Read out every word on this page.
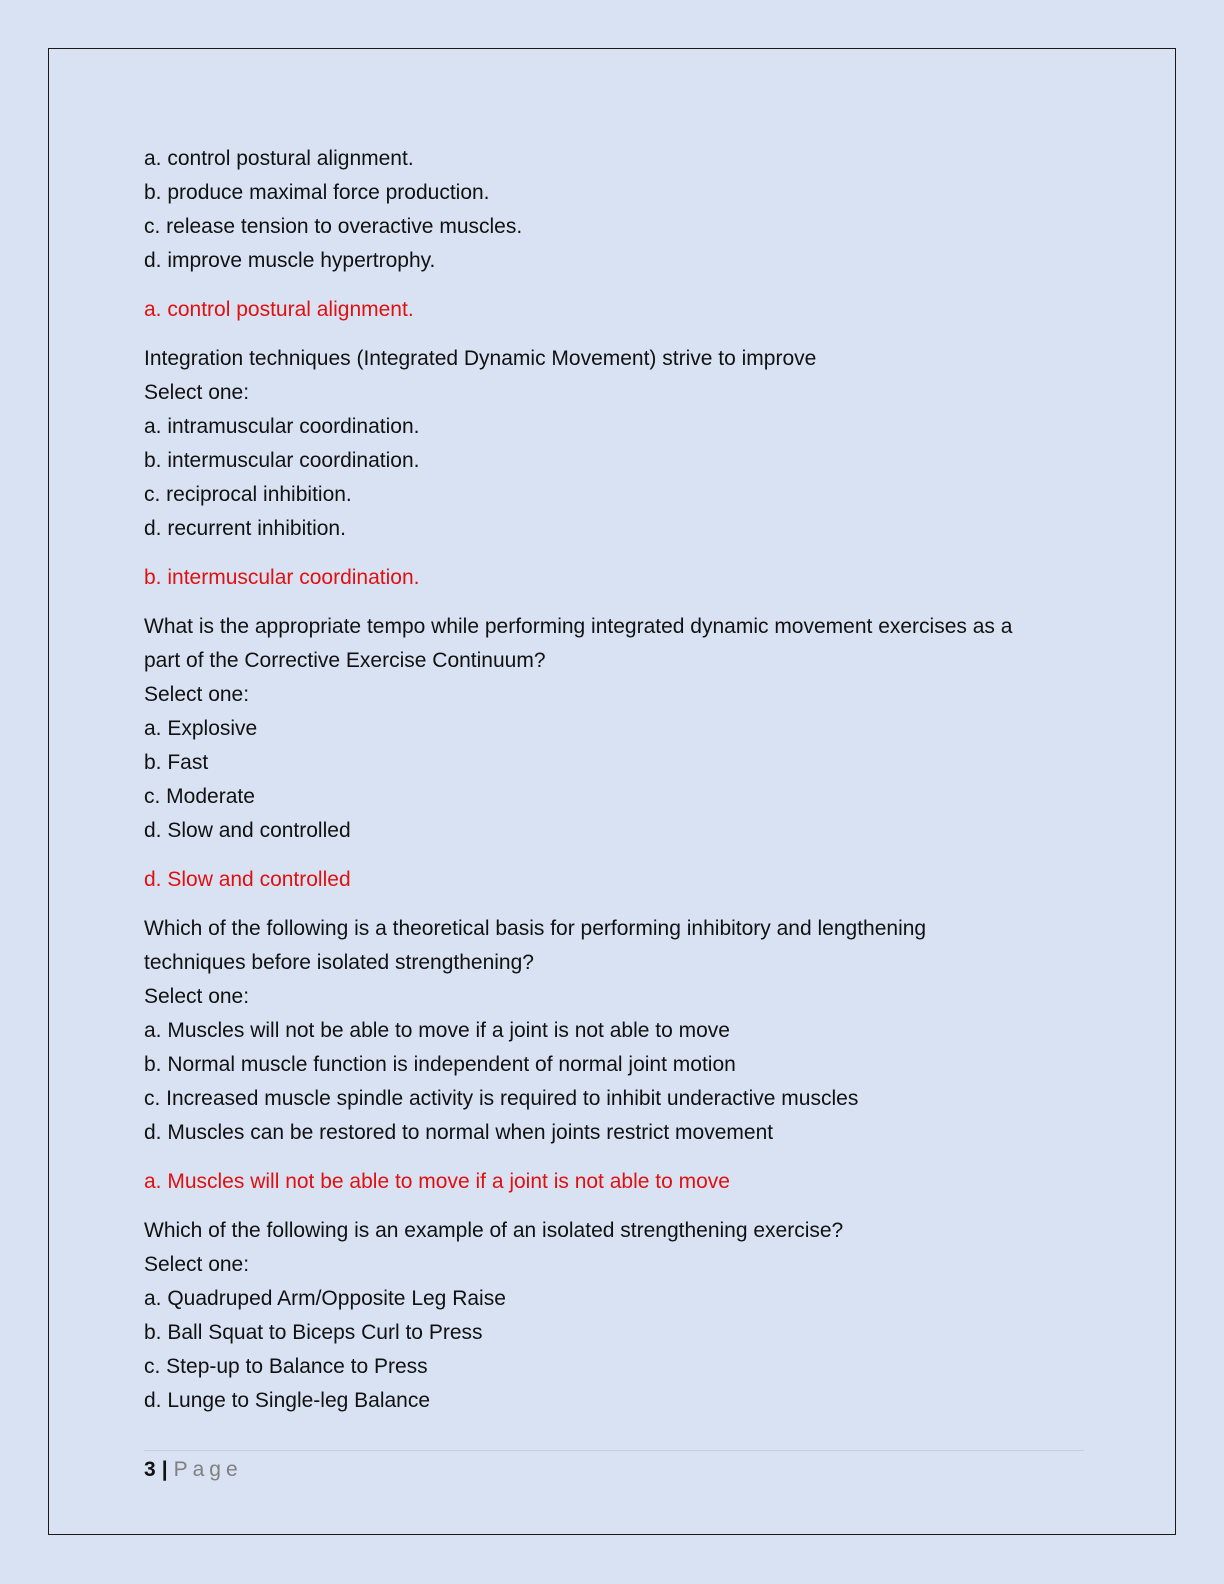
a. control postural alignment.
b. produce maximal force production.
c. release tension to overactive muscles.
d. improve muscle hypertrophy.
a. control postural alignment.
Integration techniques (Integrated Dynamic Movement) strive to improve
Select one:
a. intramuscular coordination.
b. intermuscular coordination.
c. reciprocal inhibition.
d. recurrent inhibition.
b. intermuscular coordination.
What is the appropriate tempo while performing integrated dynamic movement exercises as a
part of the Corrective Exercise Continuum?
Select one:
a. Explosive
b. Fast
c. Moderate
d. Slow and controlled
d. Slow and controlled
Which of the following is a theoretical basis for performing inhibitory and lengthening
techniques before isolated strengthening?
Select one:
a. Muscles will not be able to move if a joint is not able to move
b. Normal muscle function is independent of normal joint motion
c. Increased muscle spindle activity is required to inhibit underactive muscles
d. Muscles can be restored to normal when joints restrict movement
a. Muscles will not be able to move if a joint is not able to move
Which of the following is an example of an isolated strengthening exercise?
Select one:
a. Quadruped Arm/Opposite Leg Raise
b. Ball Squat to Biceps Curl to Press
c. Step-up to Balance to Press
d. Lunge to Single-leg Balance
3 | Page
